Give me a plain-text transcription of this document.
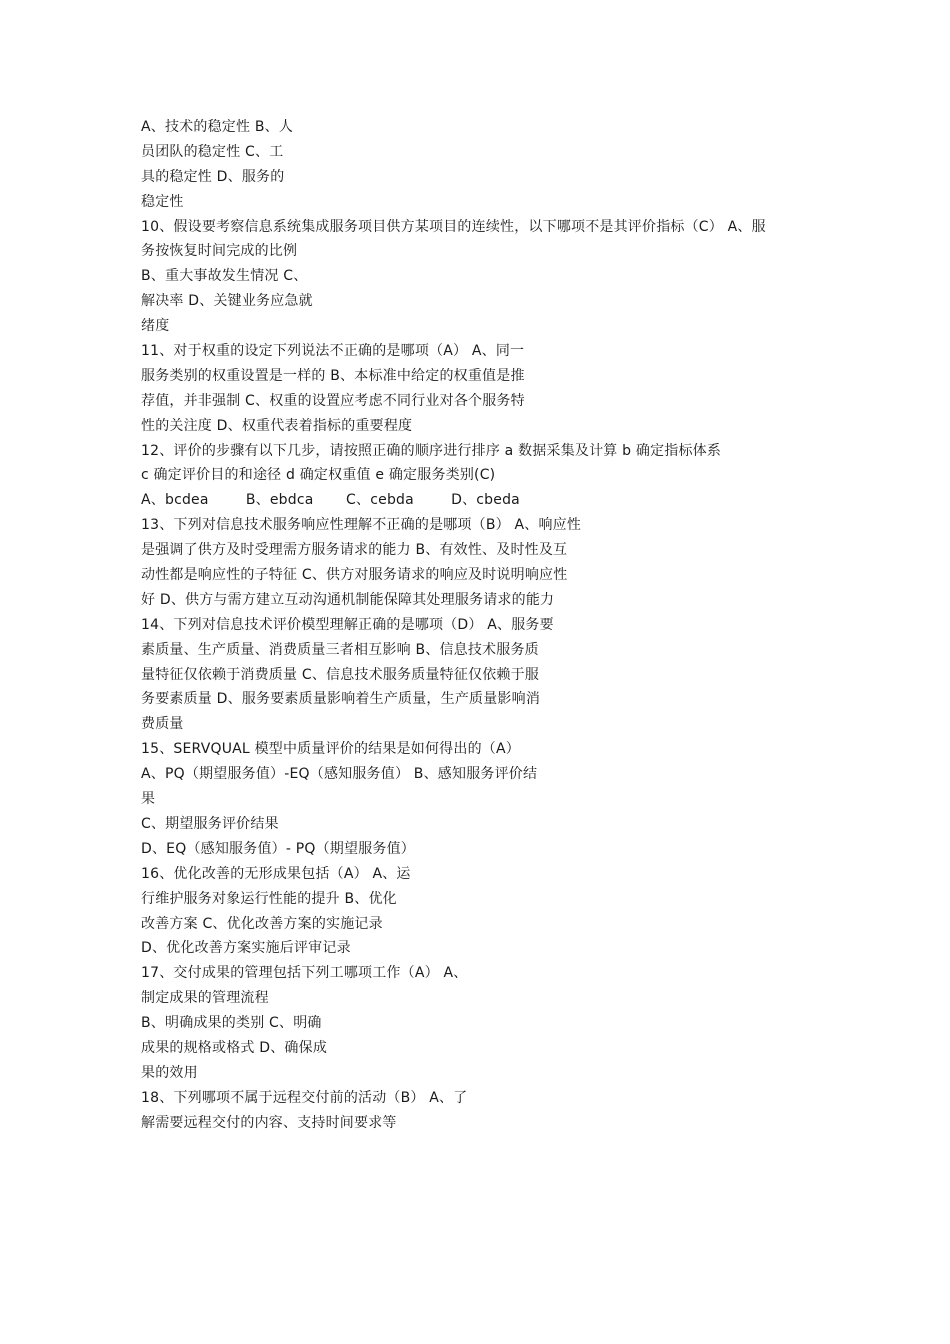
A、技术的稳定性 B、人
员团队的稳定性 C、工
具的稳定性 D、服务的
稳定性
10、假设要考察信息系统集成服务项目供方某项目的连续性，以下哪项不是其评价指标（C） A、服
务按恢复时间完成的比例
B、重大事故发生情况 C、
解决率 D、关键业务应急就
绪度
11、对于权重的设定下列说法不正确的是哪项（A） A、同一
服务类别的权重设置是一样的 B、本标准中给定的权重值是推
荐值，并非强制 C、权重的设置应考虑不同行业对各个服务特
性的关注度 D、权重代表着指标的重要程度
12、评价的步骤有以下几步，请按照正确的顺序进行排序 a 数据采集及计算 b 确定指标体系
c 确定评价目的和途径 d 确定权重值 e 确定服务类别(C)
A、bcdea        B、ebdca       C、cebda        D、cbeda
13、下列对信息技术服务响应性理解不正确的是哪项（B） A、响应性
是强调了供方及时受理需方服务请求的能力 B、有效性、及时性及互
动性都是响应性的子特征 C、供方对服务请求的响应及时说明响应性
好 D、供方与需方建立互动沟通机制能保障其处理服务请求的能力
14、下列对信息技术评价模型理解正确的是哪项（D） A、服务要
素质量、生产质量、消费质量三者相互影响 B、信息技术服务质
量特征仅依赖于消费质量 C、信息技术服务质量特征仅依赖于服
务要素质量 D、服务要素质量影响着生产质量，生产质量影响消
费质量
15、SERVQUAL 模型中质量评价的结果是如何得出的（A）
A、PQ（期望服务值）-EQ（感知服务值） B、感知服务评价结
果
C、期望服务评价结果
D、EQ（感知服务值）- PQ（期望服务值）
16、优化改善的无形成果包括（A） A、运
行维护服务对象运行性能的提升 B、优化
改善方案 C、优化改善方案的实施记录
D、优化改善方案实施后评审记录
17、交付成果的管理包括下列工哪项工作（A） A、
制定成果的管理流程
B、明确成果的类别 C、明确
成果的规格或格式 D、确保成
果的效用
18、下列哪项不属于远程交付前的活动（B） A、了
解需要远程交付的内容、支持时间要求等
